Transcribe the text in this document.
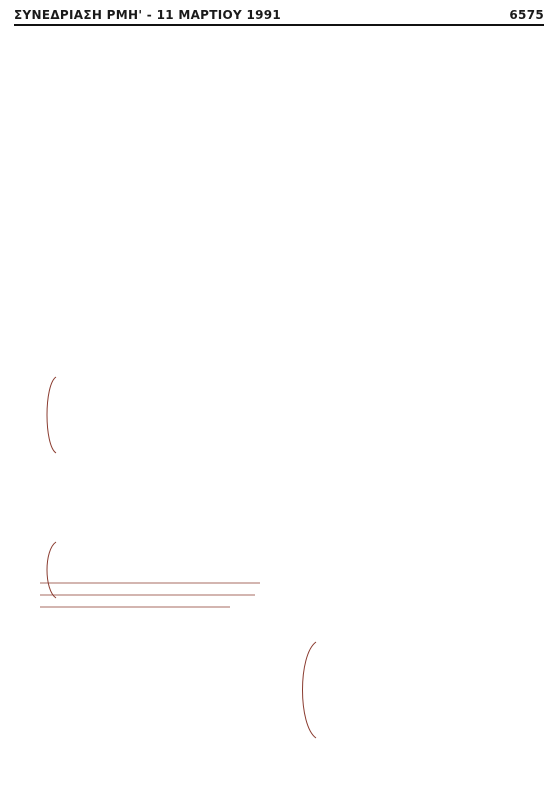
ΣΥΝΕΔΡΙΑΣΗ ΡΜΗ' - 11 ΜΑΡΤΙΟΥ 1991	6575
